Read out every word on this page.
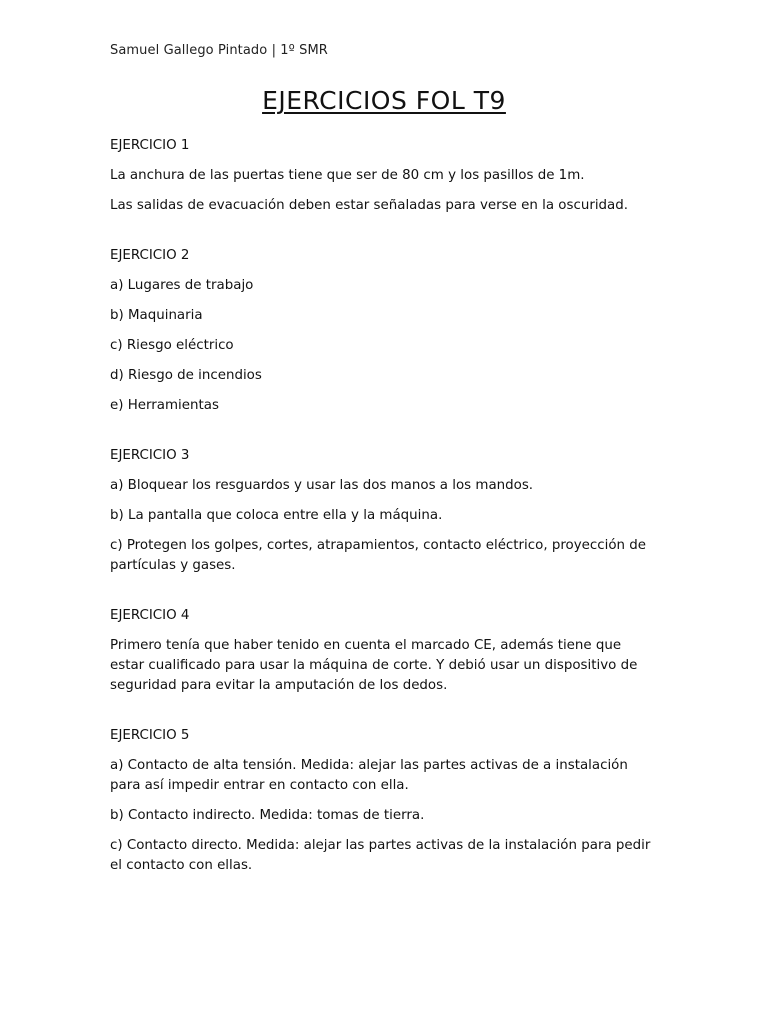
Samuel Gallego Pintado | 1º SMR
EJERCICIOS FOL T9
EJERCICIO 1
La anchura de las puertas tiene que ser de 80 cm y los pasillos de 1m.
Las salidas de evacuación deben estar señaladas para verse en la oscuridad.
EJERCICIO 2
a) Lugares de trabajo
b) Maquinaria
c) Riesgo eléctrico
d) Riesgo de incendios
e) Herramientas
EJERCICIO 3
a) Bloquear los resguardos y usar las dos manos a los mandos.
b) La pantalla que coloca entre ella y la máquina.
c) Protegen los golpes, cortes, atrapamientos, contacto eléctrico, proyección de partículas y gases.
EJERCICIO 4
Primero tenía que haber tenido en cuenta el marcado CE, además tiene que estar cualificado para usar la máquina de corte. Y debió usar un dispositivo de seguridad para evitar la amputación de los dedos.
EJERCICIO 5
a) Contacto de alta tensión. Medida: alejar las partes activas de a instalación para así impedir entrar en contacto con ella.
b) Contacto indirecto. Medida: tomas de tierra.
c) Contacto directo. Medida: alejar las partes activas de la instalación para pedir el contacto con ellas.
